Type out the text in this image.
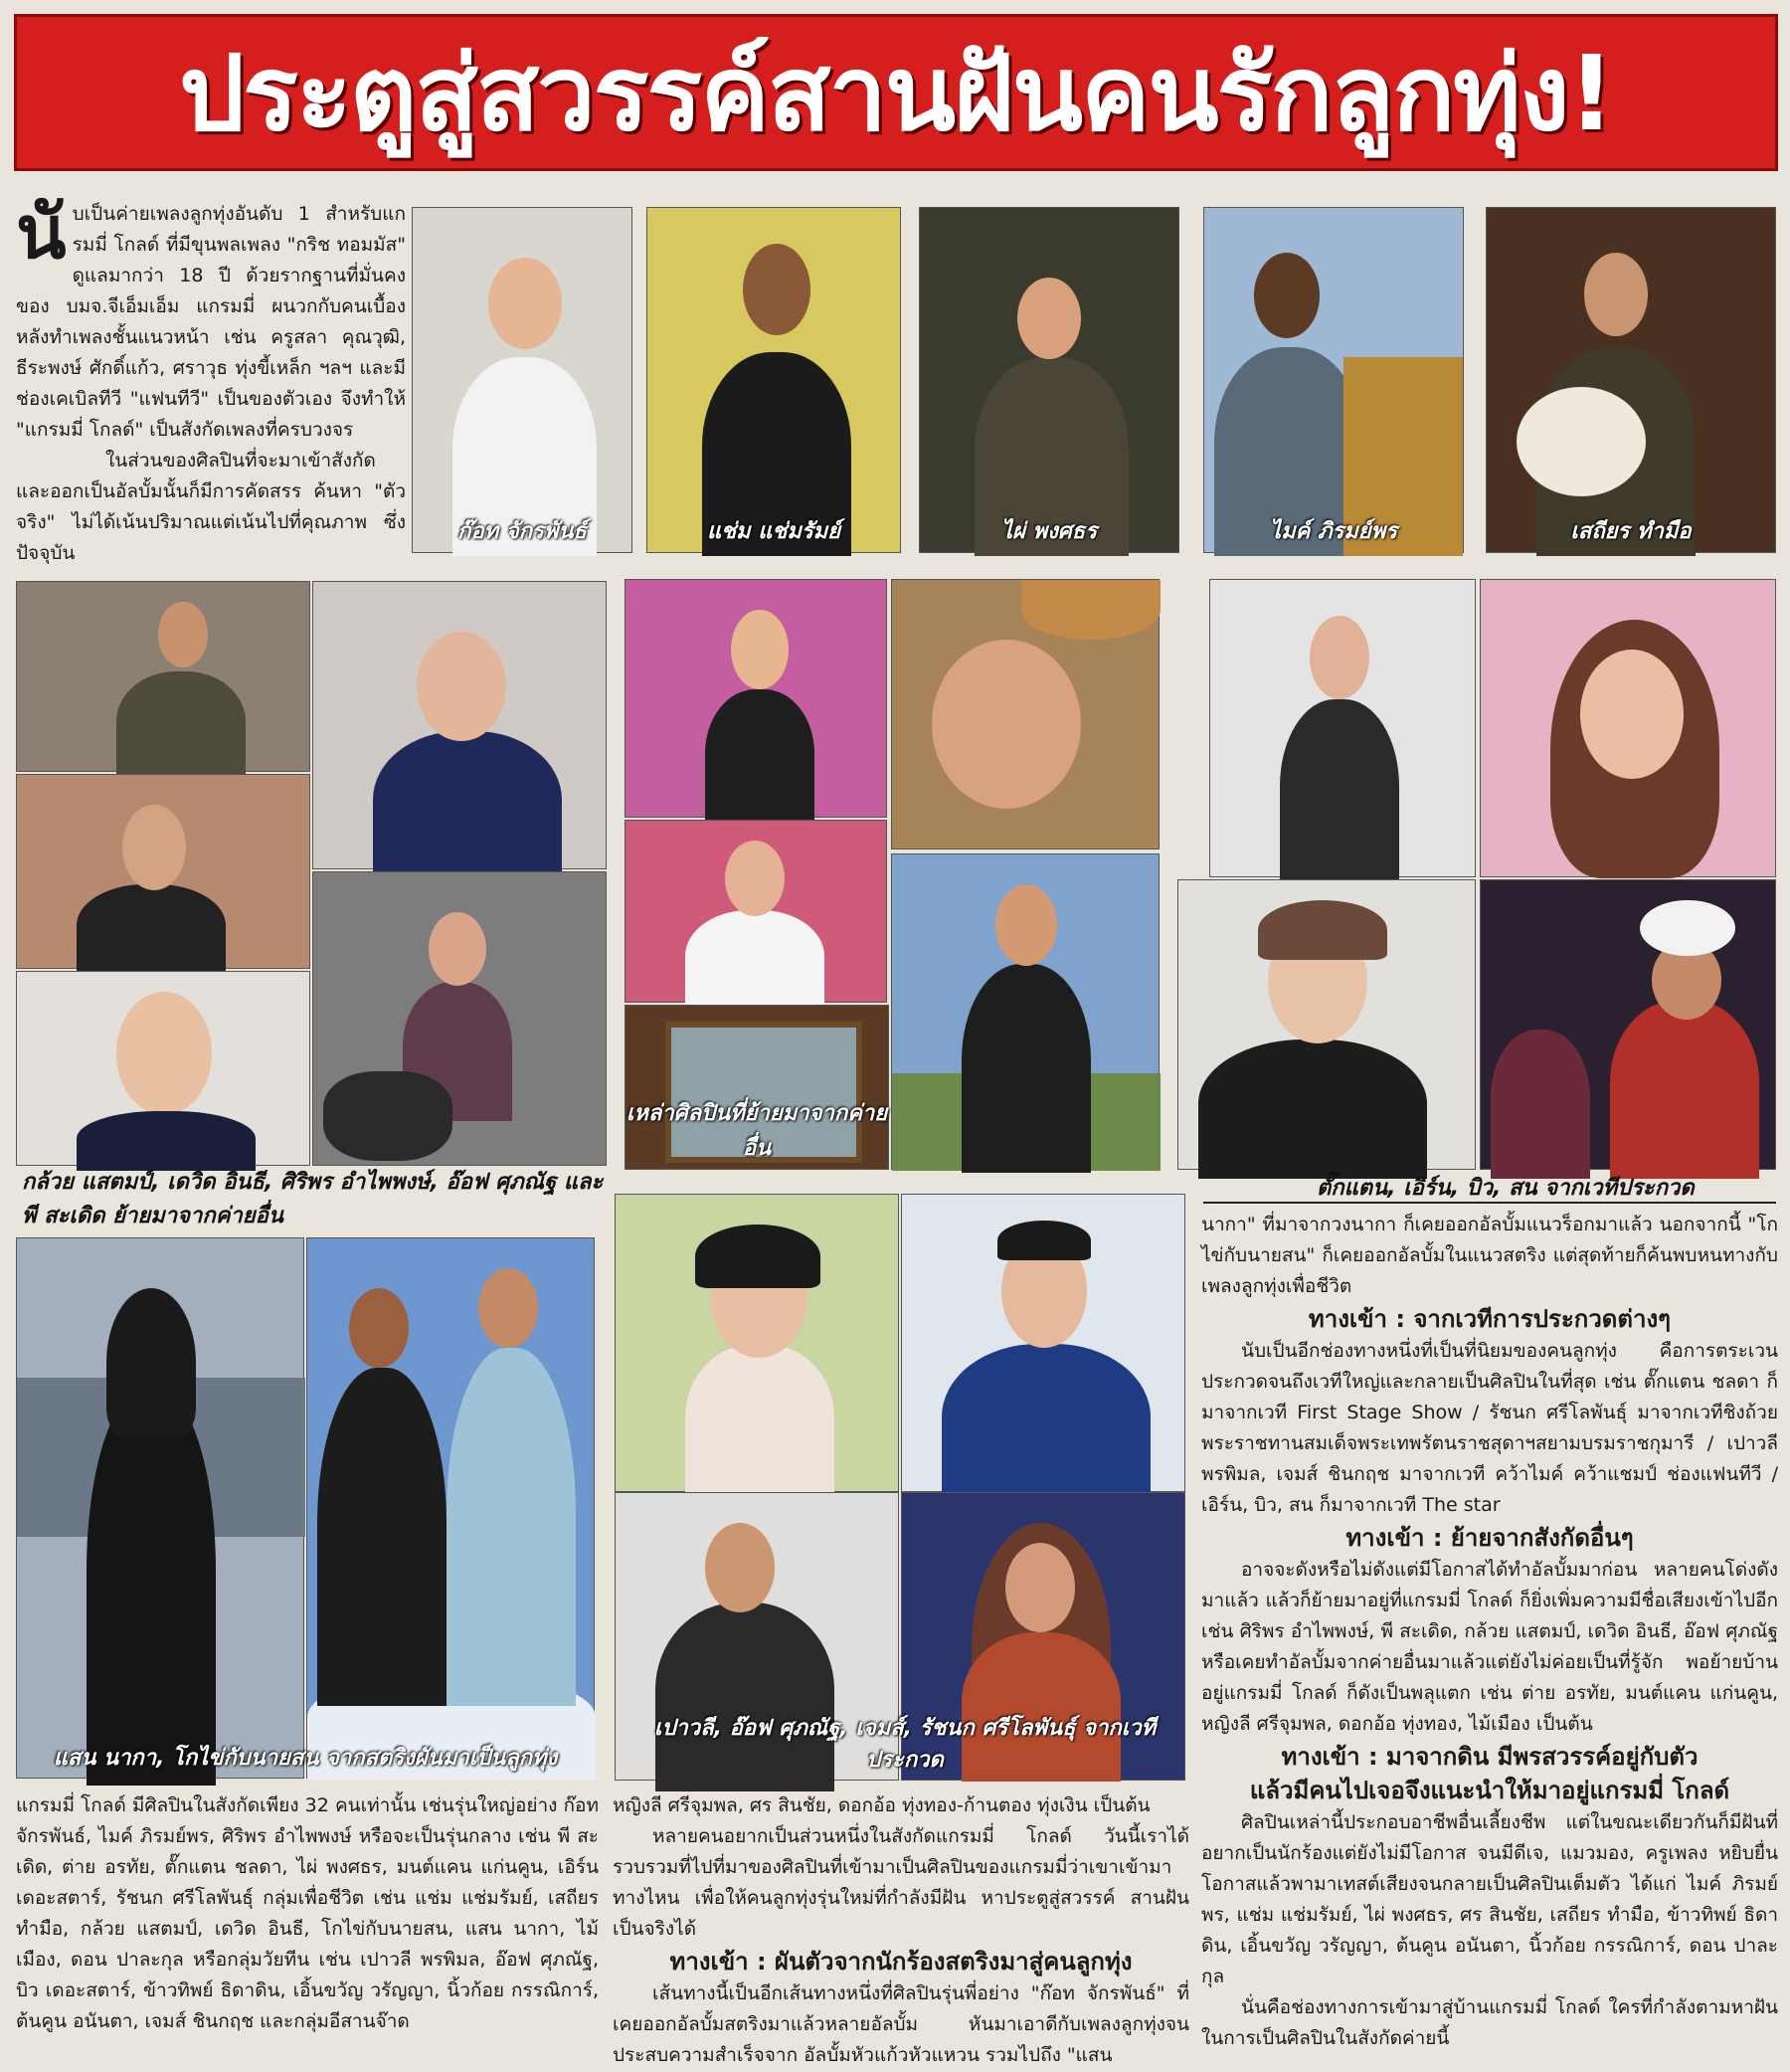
ประตูสู่สวรรค์สานฝันคนรักลูกทุ่ง!
นั บเป็นค่ายเพลงลูกทุ่งอันดับ 1 สำหรับแกรมมี่ โกลด์ ที่มีขุนพลเพลง "กริช ทอมมัส" ดูแลมากว่า 18 ปี ด้วยรากฐานที่มั่นคงของ บมจ.จีเอ็มเอ็ม แกรมมี่ ผนวกกับคนเบื้องหลังทำเพลงชั้นแนวหน้า เช่น ครูสลา คุณวุฒิ, ธีระพงษ์ ศักดิ์แก้ว, ศราวุธ ทุ่งขี้เหล็ก ฯลฯ และมีช่องเคเบิลทีวี "แฟนทีวี" เป็นของตัวเอง จึงทำให้ "แกรมมี่ โกลด์" เป็นสังกัดเพลงที่ครบวงจร

ในส่วนของศิลปินที่จะมาเข้าสังกัด และออกเป็นอัลบั้มนั้นก็มีการคัดสรร ค้นหา "ตัวจริง" ไม่ได้เน้นปริมาณแต่เน้นไปที่คุณภาพ ซึ่งปัจจุบัน

ก๊อท จักรพันธ์	แช่ม แช่มรัมย์	ไผ่ พงศธร	ไมค์ ภิรมย์พร	เสถียร ทำมือ
กล้วย แสตมป์, เดวิด อินธี, ศิริพร อำไพพงษ์, อ๊อฟ ศุภณัฐ และ พี สะเดิด ย้ายมาจากค่ายอื่น
เหล่าศิลปินที่ย้ายมาจากค่ายอื่น
ตั๊กแตน, เอิร์น, บิว, สน จากเวทีประกวด
แสน นากา, โกไข่กับนายสน จากสตริงผันมาเป็นลูกทุ่ง
เปาวลี, อ๊อฟ ศุภณัฐ, เจมส์, รัชนก ศรีโลพันธุ์ จากเวทีประกวด

นากา" ที่มาจากวงนากา ก็เคยออกอัลบั้มแนวร็อกมาแล้ว นอกจากนี้ "โกไข่กับนายสน" ก็เคยออกอัลบั้มในแนวสตริง แต่สุดท้ายก็ค้นพบหนทางกับเพลงลูกทุ่งเพื่อชีวิต

ทางเข้า : จากเวทีการประกวดต่างๆ

นับเป็นอีกช่องทางหนึ่งที่เป็นที่นิยมของคนลูกทุ่ง คือการตระเวนประกวดจนถึงเวทีใหญ่และกลายเป็นศิลปินในที่สุด เช่น ตั๊กแตน ชลดา ก็มาจากเวที First Stage Show / รัชนก ศรีโลพันธุ์ มาจากเวทีชิงถ้วยพระราชทานสมเด็จพระเทพรัตนราชสุดาฯสยามบรมราชกุมารี / เปาวลี พรพิมล, เจมส์ ชินกฤช มาจากเวที คว้าไมค์ คว้าแชมป์ ช่องแฟนทีวี / เอิร์น, บิว, สน ก็มาจากเวที The star

ทางเข้า : ย้ายจากสังกัดอื่นๆ

อาจจะดังหรือไม่ดังแต่มีโอกาสได้ทำอัลบั้มมาก่อน หลายคนโด่งดังมาแล้ว แล้วก็ย้ายมาอยู่ที่แกรมมี่ โกลด์ ก็ยิ่งเพิ่มความมีชื่อเสียงเข้าไปอีก เช่น ศิริพร อำไพพงษ์, พี สะเดิด, กล้วย แสตมป์, เดวิด อินธี, อ๊อฟ ศุภณัฐ หรือเคยทำอัลบั้มจากค่ายอื่นมาแล้วแต่ยังไม่ค่อยเป็นที่รู้จัก พอย้ายบ้านอยู่แกรมมี่ โกลด์ ก็ดังเป็นพลุแตก เช่น ต่าย อรทัย, มนต์แคน แก่นคูน, หญิงลี ศรีจุมพล, ดอกอ้อ ทุ่งทอง, ไม้เมือง เป็นต้น

ทางเข้า : มาจากดิน มีพรสวรรค์อยู่กับตัว
แล้วมีคนไปเจอจึงแนะนำให้มาอยู่แกรมมี่ โกลด์

ศิลปินเหล่านี้ประกอบอาชีพอื่นเลี้ยงชีพ แต่ในขณะเดียวกันก็มีฝันที่อยากเป็นนักร้องแต่ยังไม่มีโอกาส จนมีดีเจ, แมวมอง, ครูเพลง หยิบยื่นโอกาสแล้วพามาเทสต์เสียงจนกลายเป็นศิลปินเต็มตัว ได้แก่ ไมค์ ภิรมย์พร, แช่ม แช่มรัมย์, ไผ่ พงศธร, ศร สินชัย, เสถียร ทำมือ, ข้าวทิพย์ ธิดาดิน, เอิ้นขวัญ วรัญญา, ต้นคูน อนันตา, นิ้วก้อย กรรณิการ์, ดอน ปาละกุล

นั่นคือช่องทางการเข้ามาสู่บ้านแกรมมี่ โกลด์ ใครที่กำลังตามหาฝันในการเป็นศิลปินในสังกัดค่ายนี้

แกรมมี่ โกลด์ มีศิลปินในสังกัดเพียง 32 คนเท่านั้น เช่นรุ่นใหญ่อย่าง ก๊อท จักรพันธ์, ไมค์ ภิรมย์พร, ศิริพร อำไพพงษ์ หรือจะเป็นรุ่นกลาง เช่น พี สะเดิด, ต่าย อรทัย, ตั๊กแตน ชลดา, ไผ่ พงศธร, มนต์แคน แก่นคูน, เอิร์น เดอะสตาร์, รัชนก ศรีโลพันธุ์ กลุ่มเพื่อชีวิต เช่น แช่ม แช่มรัมย์, เสถียร ทำมือ, กล้วย แสตมป์, เดวิด อินธี, โกไข่กับนายสน, แสน นากา, ไม้เมือง, ดอน ปาละกุล หรือกลุ่มวัยทีน เช่น เปาวลี พรพิมล, อ๊อฟ ศุภณัฐ, บิว เดอะสตาร์, ข้าวทิพย์ ธิดาดิน, เอิ้นขวัญ วรัญญา, นิ้วก้อย กรรณิการ์, ต้นคูน อนันตา, เจมส์ ชินกฤช และกลุ่มอีสานจ๊าด

หญิงลี ศรีจุมพล, ศร สินชัย, ดอกอ้อ ทุ่งทอง-ก้านตอง ทุ่งเงิน เป็นต้น

หลายคนอยากเป็นส่วนหนึ่งในสังกัดแกรมมี่ โกลด์ วันนี้เราได้รวบรวมที่ไปที่มาของศิลปินที่เข้ามาเป็นศิลปินของแกรมมี่ว่าเขาเข้ามาทางไหน เพื่อให้คนลูกทุ่งรุ่นใหม่ที่กำลังมีฝัน หาประตูสู่สวรรค์ สานฝันเป็นจริงได้

ทางเข้า : ผันตัวจากนักร้องสตริงมาสู่คนลูกทุ่ง

เส้นทางนี้เป็นอีกเส้นทางหนึ่งที่ศิลปินรุ่นพี่อย่าง "ก๊อท จักรพันธ์" ที่เคยออกอัลบั้มสตริงมาแล้วหลายอัลบั้ม หันมาเอาดีกับเพลงลูกทุ่งจนประสบความสำเร็จจาก อัลบั้มหัวแก้วหัวแหวน รวมไปถึง "แสน
